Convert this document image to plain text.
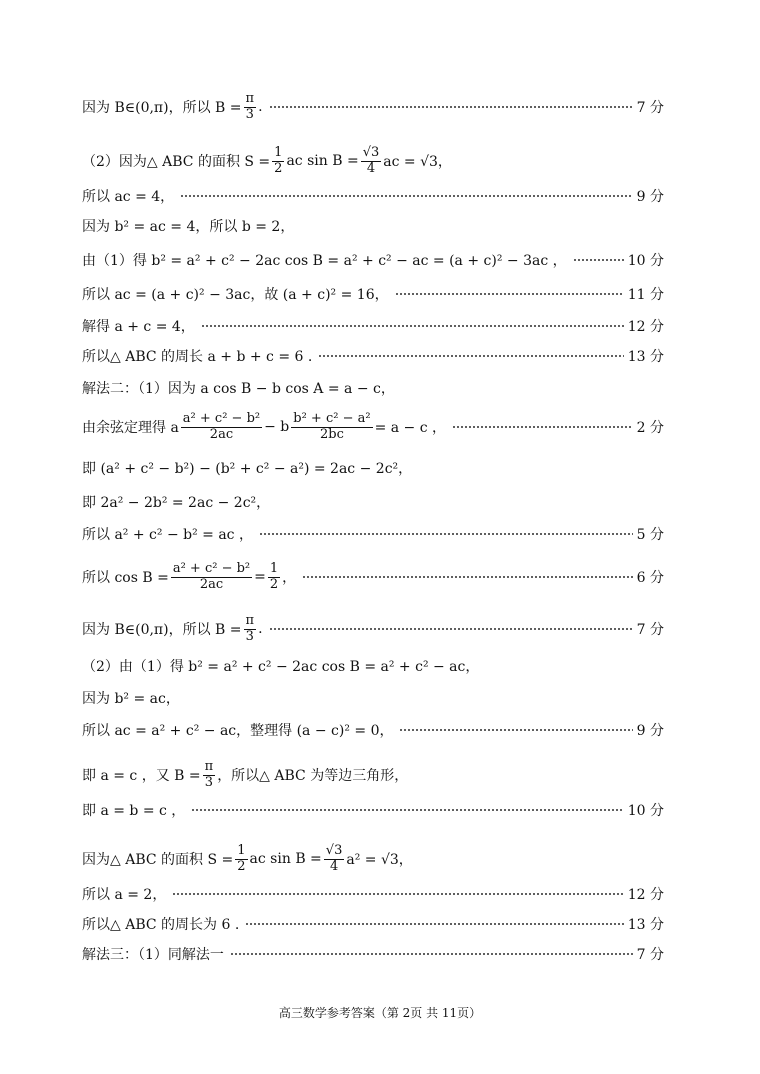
因为 B∈(0,π)，所以 $B = \frac{\pi}{3}$ .	7 分
（2）因为△ ABC 的面积 $S = \frac{1}{2}$ ac $\sin B = \frac{√3}{4}$ ac = √3，
所以 ac = 4，	9 分
因为 b² = ac = 4，所以 b = 2，
由（1）得 b² = a² + c² − 2ac cos B = a² + c² − ac = (a + c)² − 3ac ，	10 分
所以 ac = (a + c)² − 3ac，故 (a + c)² = 16，	11 分
解得 a + c = 4，	12 分
所以△ ABC 的周长 a + b + c = 6 .	13 分
解法二：（1）因为 a cos B − b cos A = a − c，
由余弦定理得 a $\frac{\text{a² + c² − b²}}{2ac} - b \frac{\text{b² + c² − a²}}{2bc} = a - c$ ，	2 分
即 (a² + c² − b²) − (b² + c² − a²) = 2ac − 2c²，
即 2a² − 2b² = 2ac − 2c²，
所以 a² + c² − b² = ac ，	5 分
所以 $\cos B = \frac{\text{a² + c² − b²}}{2ac} = \frac{1}{2}$ ，	6 分
因为 B∈(0,π)，所以 $B = \frac{\pi}{3}$ .	7 分
（2）由（1）得 b² = a² + c² − 2ac cos B = a² + c² − ac，
因为 b² = ac，
所以 ac = a² + c² − ac，整理得 (a − c)² = 0，	9 分
即 a = c ，又 $B = \frac{\pi}{3}$ ，所以△ ABC 为等边三角形，
即 a = b = c ，	10 分
因为△ ABC 的面积 $S = \frac{1}{2}$ ac $\sin B = \frac{√3}{4} a^2 = √3$，
所以 a = 2，	12 分
所以△ ABC 的周长为 6 .	13 分
解法三：（1）同解法一	7 分
高三数学参考答案（第 2页 共 11页）
